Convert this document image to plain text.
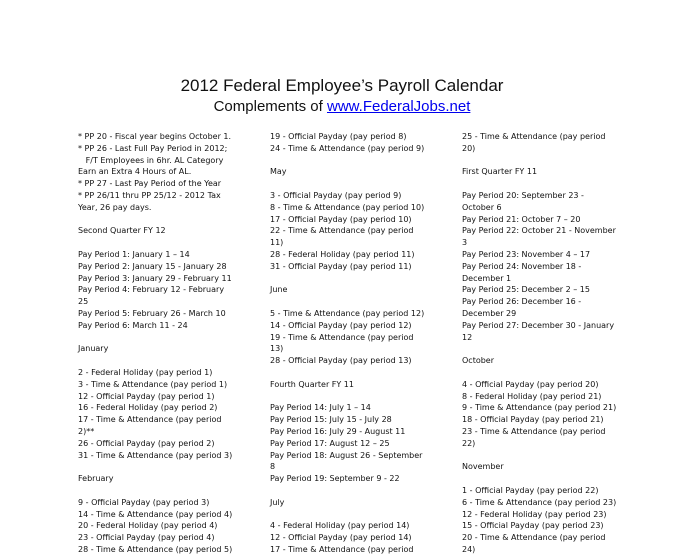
2012 Federal Employee’s Payroll Calendar
Complements of www.FederalJobs.net
* PP 20 - Fiscal year begins October 1.
* PP 26 - Last Full Pay Period in 2012;
F/T Employees in 6hr. AL Category
Earn an Extra 4 Hours of AL.
* PP 27 - Last Pay Period of the Year
* PP 26/11 thru PP 25/12 - 2012 Tax
Year, 26 pay days.
Second Quarter FY 12
Pay Period 1: January 1 – 14
Pay Period 2: January 15 - January 28
Pay Period 3: January 29 - February 11
Pay Period 4: February 12 - February
25
Pay Period 5: February 26 - March 10
Pay Period 6: March 11 - 24
January
2 - Federal Holiday (pay period 1)
3 - Time & Attendance (pay period 1)
12 - Official Payday (pay period 1)
16 - Federal Holiday (pay period 2)
17 - Time & Attendance (pay period
2)**
26 - Official Payday (pay period 2)
31 - Time & Attendance (pay period 3)
February
9 - Official Payday (pay period 3)
14 - Time & Attendance (pay period 4)
20 - Federal Holiday (pay period 4)
23 - Official Payday (pay period 4)
28 - Time & Attendance (pay period 5)
19 - Official Payday (pay period 8)
24 - Time & Attendance (pay period 9)
May
3 - Official Payday (pay period 9)
8 - Time & Attendance (pay period 10)
17 - Official Payday (pay period 10)
22 - Time & Attendance (pay period
11)
28 - Federal Holiday (pay period 11)
31 - Official Payday (pay period 11)
June
5 - Time & Attendance (pay period 12)
14 - Official Payday (pay period 12)
19 - Time & Attendance (pay period
13)
28 - Official Payday (pay period 13)
Fourth Quarter FY 11
Pay Period 14: July 1 – 14
Pay Period 15: July 15 - July 28
Pay Period 16: July 29 - August 11
Pay Period 17: August 12 – 25
Pay Period 18: August 26 - September
8
Pay Period 19: September 9 - 22
July
4 - Federal Holiday (pay period 14)
12 - Official Payday (pay period 14)
17 - Time & Attendance (pay period
25 - Time & Attendance (pay period
20)
First Quarter FY 11
Pay Period 20: September 23 -
October 6
Pay Period 21: October 7 – 20
Pay Period 22: October 21 - November
3
Pay Period 23: November 4 – 17
Pay Period 24: November 18 -
December 1
Pay Period 25: December 2 – 15
Pay Period 26: December 16 -
December 29
Pay Period 27: December 30 - January
12
October
4 - Official Payday (pay period 20)
8 - Federal Holiday (pay period 21)
9 - Time & Attendance (pay period 21)
18 - Official Payday (pay period 21)
23 - Time & Attendance (pay period
22)
November
1 - Official Payday (pay period 22)
6 - Time & Attendance (pay period 23)
12 - Federal Holiday (pay period 23)
15 - Official Payday (pay period 23)
20 - Time & Attendance (pay period
24)
